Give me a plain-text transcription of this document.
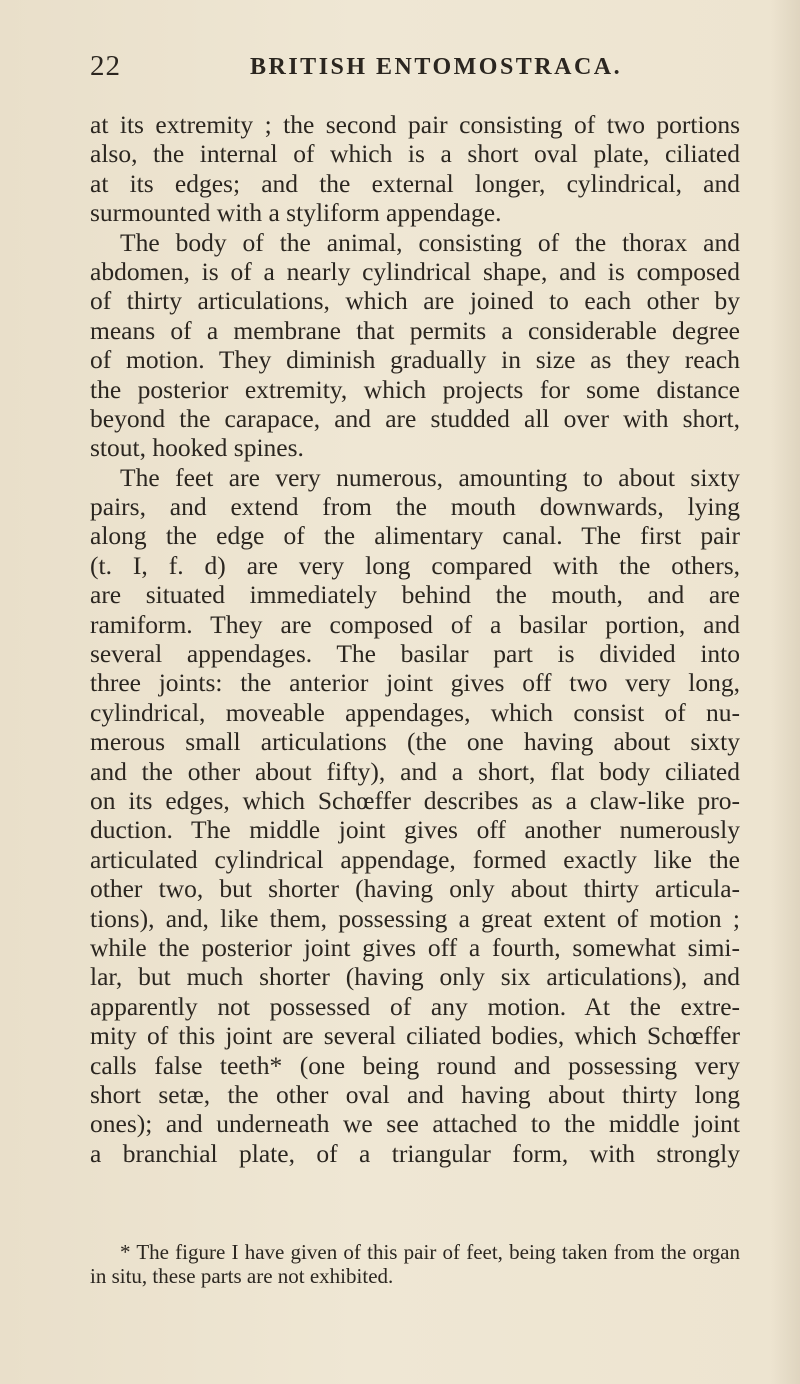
22	BRITISH ENTOMOSTRACA.
at its extremity ; the second pair consisting of two portions
also, the internal of which is a short oval plate, ciliated
at its edges; and the external longer, cylindrical, and
surmounted with a styliform appendage.
The body of the animal, consisting of the thorax and
abdomen, is of a nearly cylindrical shape, and is composed
of thirty articulations, which are joined to each other by
means of a membrane that permits a considerable degree
of motion. They diminish gradually in size as they reach
the posterior extremity, which projects for some distance
beyond the carapace, and are studded all over with short,
stout, hooked spines.
The feet are very numerous, amounting to about sixty
pairs, and extend from the mouth downwards, lying
along the edge of the alimentary canal. The first pair
(t. I, f. d) are very long compared with the others,
are situated immediately behind the mouth, and are
ramiform. They are composed of a basilar portion, and
several appendages. The basilar part is divided into
three joints: the anterior joint gives off two very long,
cylindrical, moveable appendages, which consist of nu-
merous small articulations (the one having about sixty
and the other about fifty), and a short, flat body ciliated
on its edges, which Schœffer describes as a claw-like pro-
duction. The middle joint gives off another numerously
articulated cylindrical appendage, formed exactly like the
other two, but shorter (having only about thirty articula-
tions), and, like them, possessing a great extent of motion ;
while the posterior joint gives off a fourth, somewhat simi-
lar, but much shorter (having only six articulations), and
apparently not possessed of any motion. At the extre-
mity of this joint are several ciliated bodies, which Schœffer
calls false teeth* (one being round and possessing very
short setæ, the other oval and having about thirty long
ones); and underneath we see attached to the middle joint
a branchial plate, of a triangular form, with strongly
* The figure I have given of this pair of feet, being taken from the organ
in situ, these parts are not exhibited.
